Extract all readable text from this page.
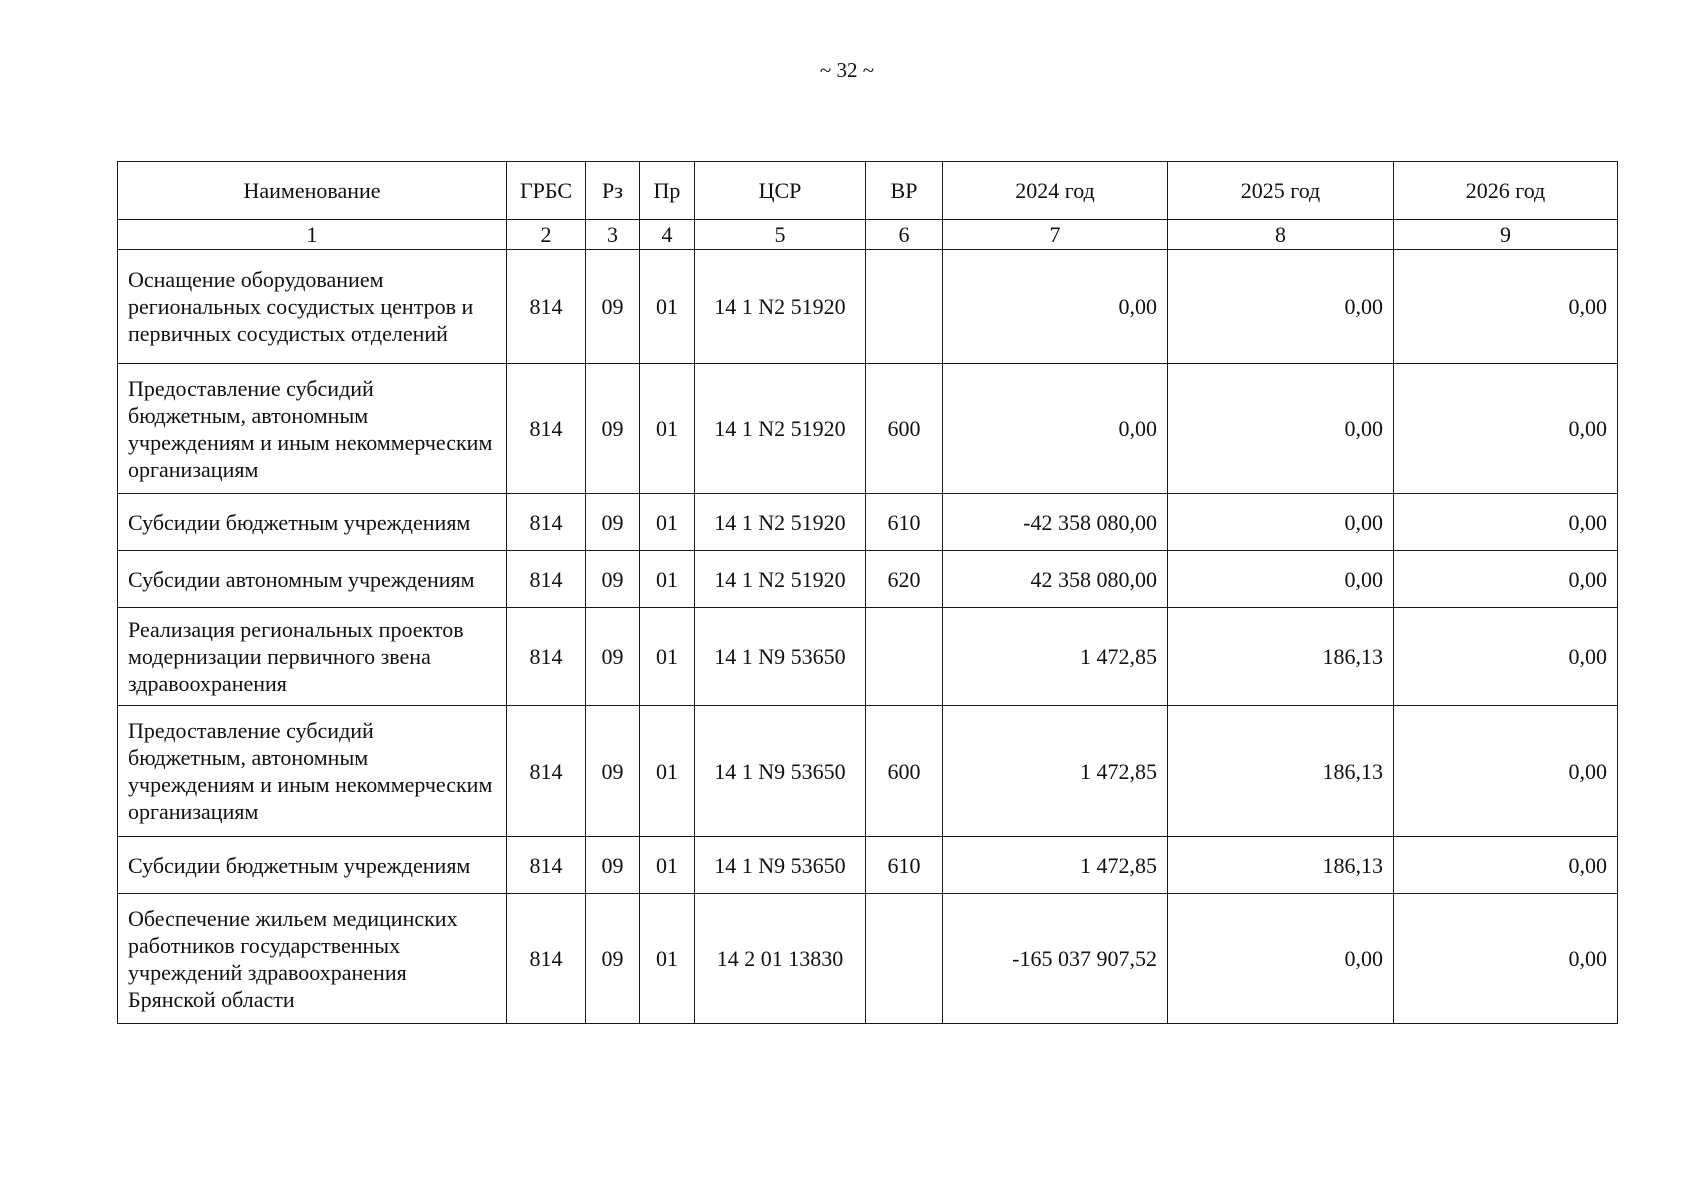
~ 32 ~
Наименование	ГРБС	Рз	Пр	ЦСР	ВР	2024 год	2025 год	2026 год
1	2	3	4	5	6	7	8	9
Оснащение оборудованием региональных сосудистых центров и первичных сосудистых отделений	814	09	01	14 1 N2 51920		0,00	0,00	0,00
Предоставление субсидий бюджетным, автономным учреждениям и иным некоммерческим организациям	814	09	01	14 1 N2 51920	600	0,00	0,00	0,00
Субсидии бюджетным учреждениям	814	09	01	14 1 N2 51920	610	-42 358 080,00	0,00	0,00
Субсидии автономным учреждениям	814	09	01	14 1 N2 51920	620	42 358 080,00	0,00	0,00
Реализация региональных проектов модернизации первичного звена здравоохранения	814	09	01	14 1 N9 53650		1 472,85	186,13	0,00
Предоставление субсидий бюджетным, автономным учреждениям и иным некоммерческим организациям	814	09	01	14 1 N9 53650	600	1 472,85	186,13	0,00
Субсидии бюджетным учреждениям	814	09	01	14 1 N9 53650	610	1 472,85	186,13	0,00
Обеспечение жильем медицинских работников государственных учреждений здравоохранения Брянской области	814	09	01	14 2 01 13830		-165 037 907,52	0,00	0,00
